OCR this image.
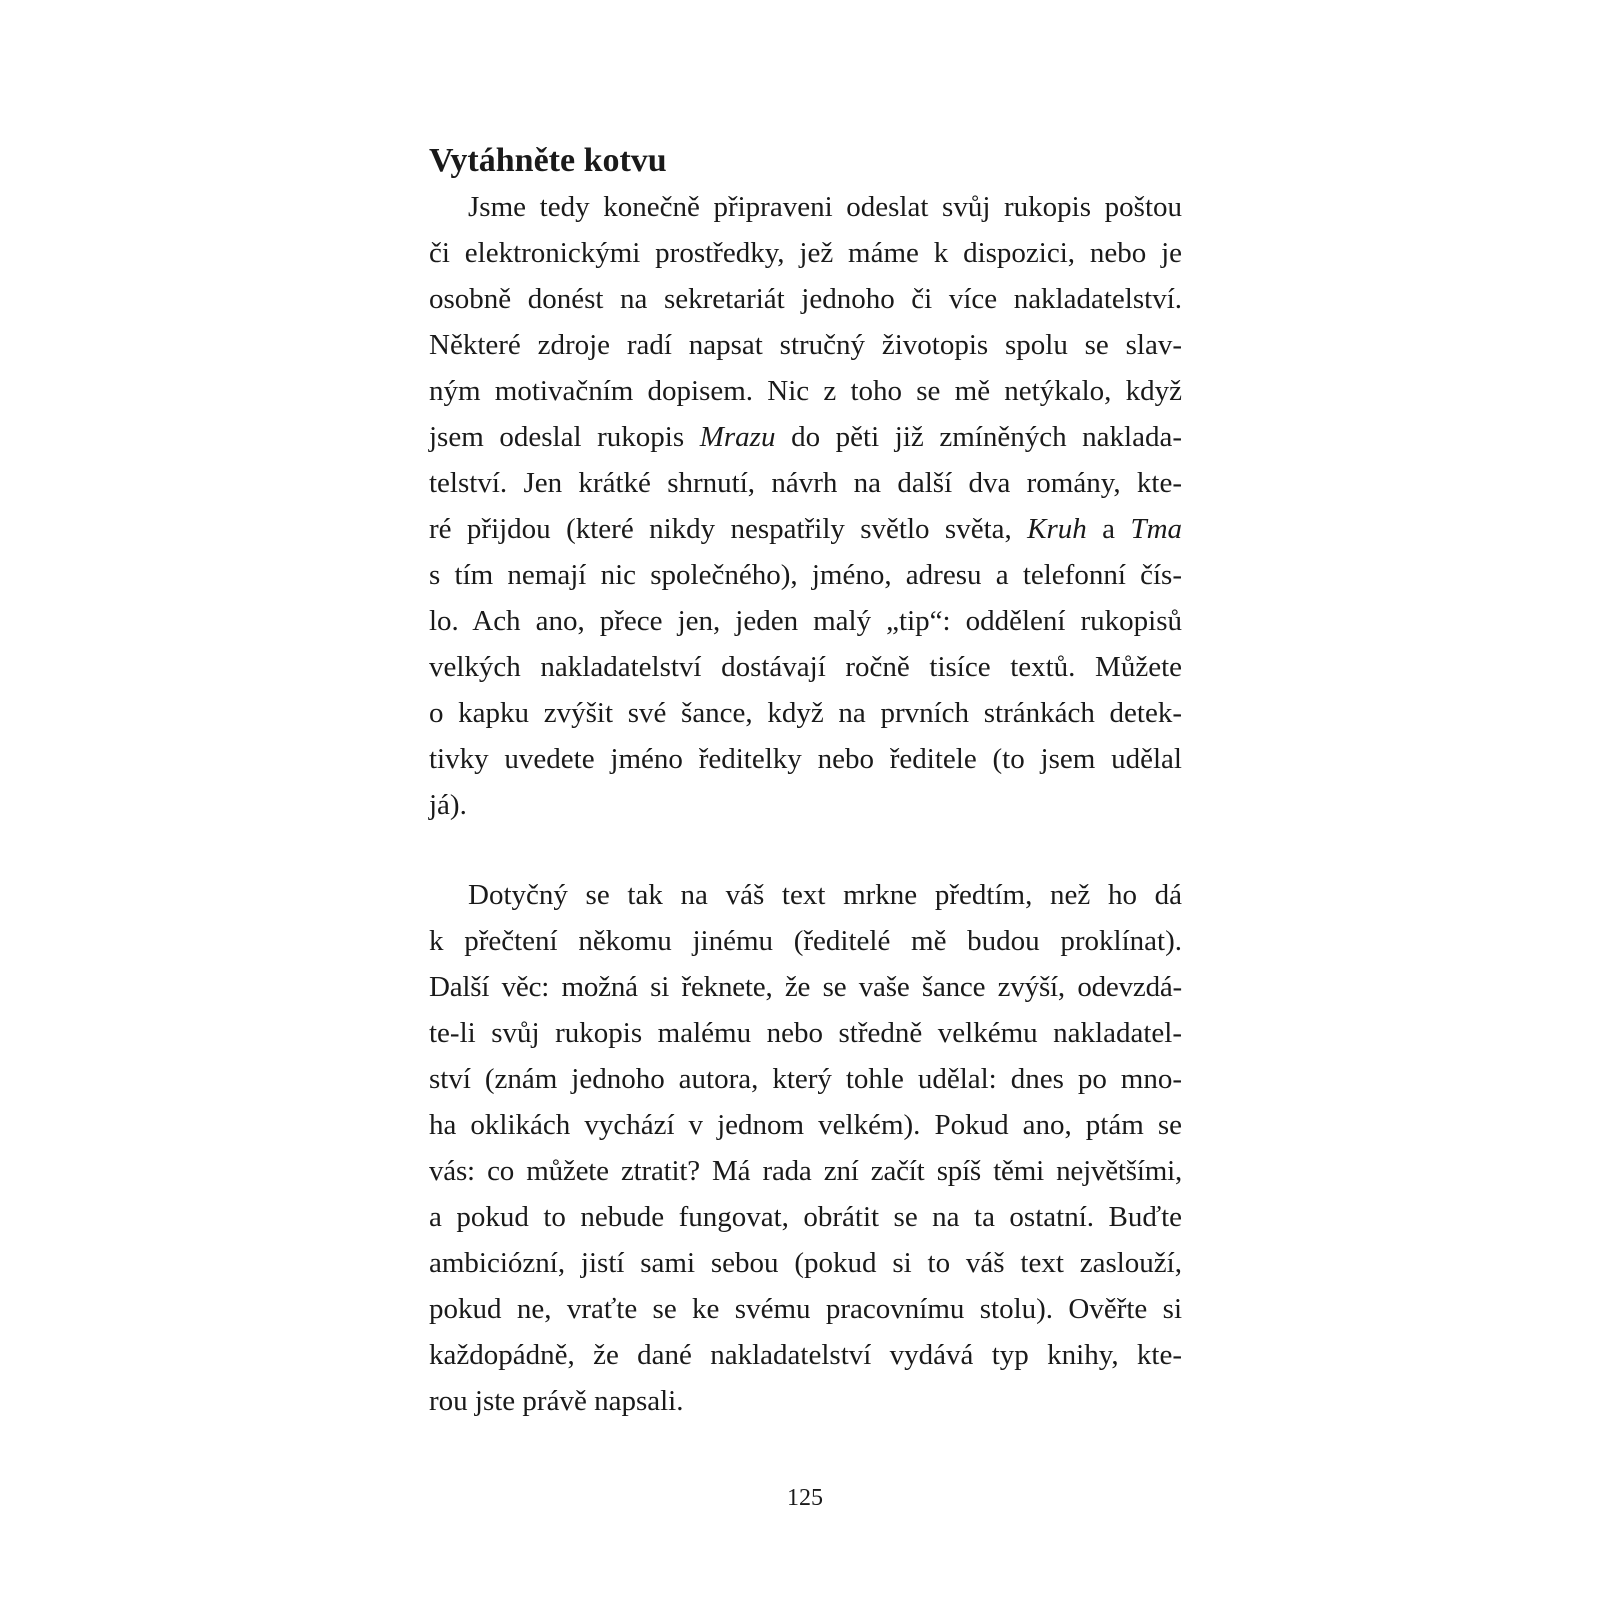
Vytáhněte kotvu

Jsme tedy konečně připraveni odeslat svůj rukopis poštou

či elektronickými prostředky, jež máme k dispozici, nebo je

osobně donést na sekretariát jednoho či více nakladatelství.

Některé zdroje radí napsat stručný životopis spolu se slav-

ným motivačním dopisem. Nic z toho se mě netýkalo, když

jsem odeslal rukopis Mrazu do pěti již zmíněných naklada-

telství. Jen krátké shrnutí, návrh na další dva romány, kte-

ré přijdou (které nikdy nespatřily světlo světa, Kruh a Tma

s tím nemají nic společného), jméno, adresu a telefonní čís-

lo. Ach ano, přece jen, jeden malý „tip“: oddělení rukopisů

velkých nakladatelství dostávají ročně tisíce textů. Můžete

o kapku zvýšit své šance, když na prvních stránkách detek-

tivky uvedete jméno ředitelky nebo ředitele (to jsem udělal

já).

Dotyčný se tak na váš text mrkne předtím, než ho dá

k přečtení někomu jinému (ředitelé mě budou proklínat).

Další věc: možná si řeknete, že se vaše šance zvýší, odevzdá-

te-li svůj rukopis malému nebo středně velkému nakladatel-

ství (znám jednoho autora, který tohle udělal: dnes po mno-

ha oklikách vychází v jednom velkém). Pokud ano, ptám se

vás: co můžete ztratit? Má rada zní začít spíš těmi největšími,

a pokud to nebude fungovat, obrátit se na ta ostatní. Buďte

ambiciózní, jistí sami sebou (pokud si to váš text zaslouží,

pokud ne, vraťte se ke svému pracovnímu stolu). Ověřte si

každopádně, že dané nakladatelství vydává typ knihy, kte-

rou jste právě napsali.

125
